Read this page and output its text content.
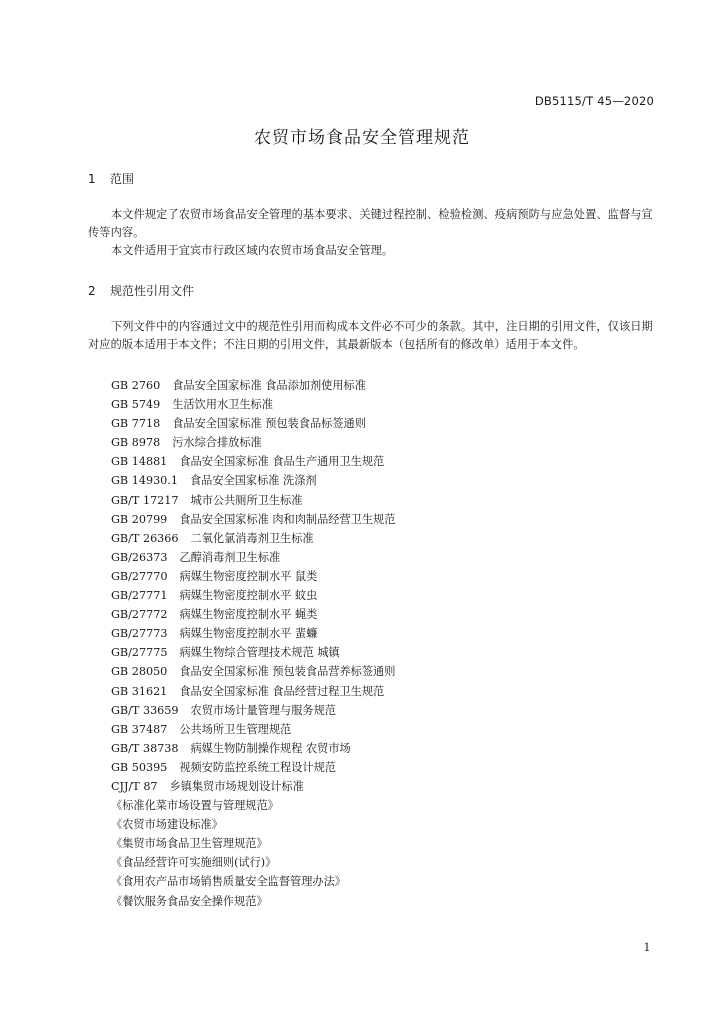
DB5115/T 45—2020
农贸市场食品安全管理规范
1 范围
本文件规定了农贸市场食品安全管理的基本要求、关键过程控制、检验检测、疫病预防与应急处置、监督与宣传等内容。
本文件适用于宜宾市行政区域内农贸市场食品安全管理。
2 规范性引用文件
下列文件中的内容通过文中的规范性引用而构成本文件必不可少的条款。其中，注日期的引用文件，仅该日期对应的版本适用于本文件；不注日期的引用文件，其最新版本（包括所有的修改单）适用于本文件。
GB 2760 食品安全国家标准 食品添加剂使用标准
GB 5749 生活饮用水卫生标准
GB 7718 食品安全国家标准 预包装食品标签通则
GB 8978 污水综合排放标准
GB 14881 食品安全国家标准 食品生产通用卫生规范
GB 14930.1 食品安全国家标准 洗涤剂
GB/T 17217 城市公共厕所卫生标准
GB 20799 食品安全国家标准 肉和肉制品经营卫生规范
GB/T 26366 二氧化氯消毒剂卫生标准
GB/26373 乙醇消毒剂卫生标准
GB/27770 病媒生物密度控制水平 鼠类
GB/27771 病媒生物密度控制水平 蚊虫
GB/27772 病媒生物密度控制水平 蝇类
GB/27773 病媒生物密度控制水平 蜚蠊
GB/27775 病媒生物综合管理技术规范 城镇
GB 28050 食品安全国家标准 预包装食品营养标签通则
GB 31621 食品安全国家标准 食品经营过程卫生规范
GB/T 33659 农贸市场计量管理与服务规范
GB 37487 公共场所卫生管理规范
GB/T 38738 病媒生物防制操作规程 农贸市场
GB 50395 视频安防监控系统工程设计规范
CJJ/T 87 乡镇集贸市场规划设计标准
《标准化菜市场设置与管理规范》
《农贸市场建设标准》
《集贸市场食品卫生管理规范》
《食品经营许可实施细则(试行)》
《食用农产品市场销售质量安全监督管理办法》
《餐饮服务食品安全操作规范》
1
